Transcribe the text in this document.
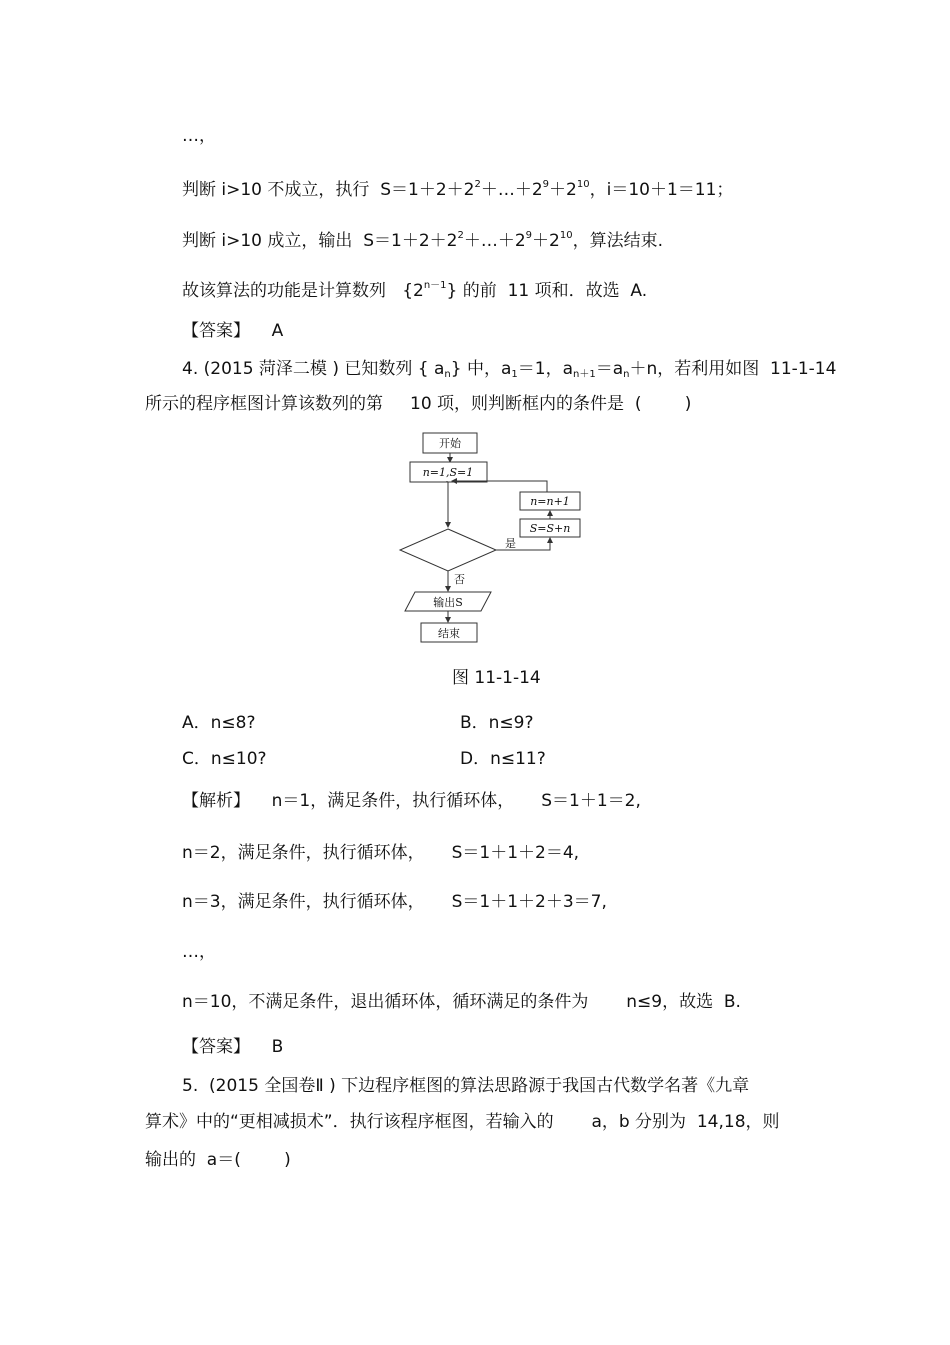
…，
判断 i>10 不成立，执行  $S=1+2+2^2+\dots+2^9+2^{10}$，i＝10＋1＝11；
判断 i>10 成立，输出  $S=1+2+2^2+\dots+2^9+2^{10}$，算法结束.
故该算法的功能是计算数列   $\{2^{n-1}\}$ 的前  11 项和．故选  A.
【答案】    A
4. (2015 菏泽二模 ) 已知数列 { $a_n$} 中，$a_1=1$，$a_{n+1}=a_n+n$，若利用如图  11-1-14
所示的程序框图计算该数列的第     10 项，则判断框内的条件是  (        )
开始
n=1,S=1
n=n+1
S=S+n
是
否
输出S
结束
图 11-1-14
A．n≤8?	B．n≤9?
C．n≤10?	D．n≤11?
【解析】    n＝1，满足条件，执行循环体，     S＝1＋1＝2,
n＝2，满足条件，执行循环体，     S＝1＋1＋2＝4,
n＝3，满足条件，执行循环体，     S＝1＋1＋2＋3＝7,
…，
n＝10，不满足条件，退出循环体，循环满足的条件为       n≤9，故选  B.
【答案】    B
5.  (2015 全国卷Ⅱ ) 下边程序框图的算法思路源于我国古代数学名著《九章
算术》中的“更相减损术”．执行该程序框图，若输入的       a，b 分别为  14,18，则
输出的  a＝(        )
